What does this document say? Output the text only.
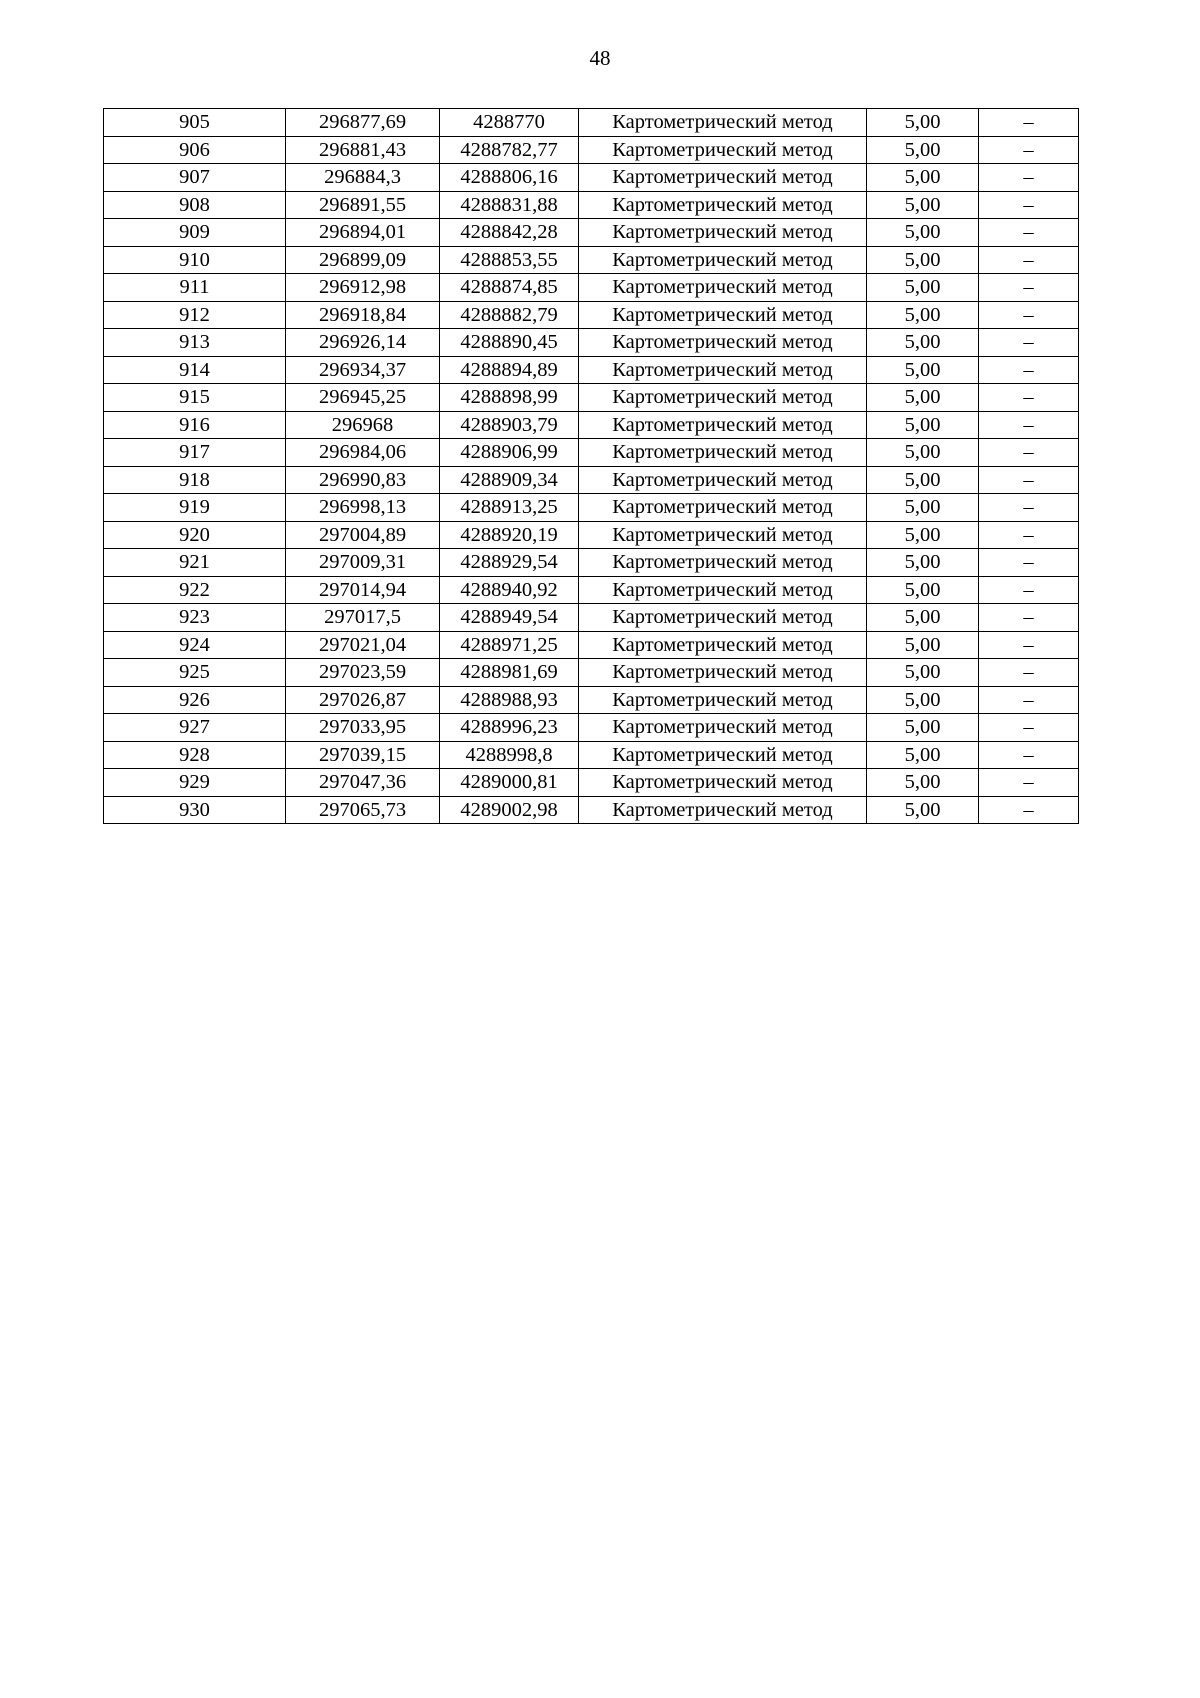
48
905	296877,69	4288770	Картометрический метод	5,00	–
906	296881,43	4288782,77	Картометрический метод	5,00	–
907	296884,3	4288806,16	Картометрический метод	5,00	–
908	296891,55	4288831,88	Картометрический метод	5,00	–
909	296894,01	4288842,28	Картометрический метод	5,00	–
910	296899,09	4288853,55	Картометрический метод	5,00	–
911	296912,98	4288874,85	Картометрический метод	5,00	–
912	296918,84	4288882,79	Картометрический метод	5,00	–
913	296926,14	4288890,45	Картометрический метод	5,00	–
914	296934,37	4288894,89	Картометрический метод	5,00	–
915	296945,25	4288898,99	Картометрический метод	5,00	–
916	296968	4288903,79	Картометрический метод	5,00	–
917	296984,06	4288906,99	Картометрический метод	5,00	–
918	296990,83	4288909,34	Картометрический метод	5,00	–
919	296998,13	4288913,25	Картометрический метод	5,00	–
920	297004,89	4288920,19	Картометрический метод	5,00	–
921	297009,31	4288929,54	Картометрический метод	5,00	–
922	297014,94	4288940,92	Картометрический метод	5,00	–
923	297017,5	4288949,54	Картометрический метод	5,00	–
924	297021,04	4288971,25	Картометрический метод	5,00	–
925	297023,59	4288981,69	Картометрический метод	5,00	–
926	297026,87	4288988,93	Картометрический метод	5,00	–
927	297033,95	4288996,23	Картометрический метод	5,00	–
928	297039,15	4288998,8	Картометрический метод	5,00	–
929	297047,36	4289000,81	Картометрический метод	5,00	–
930	297065,73	4289002,98	Картометрический метод	5,00	–
